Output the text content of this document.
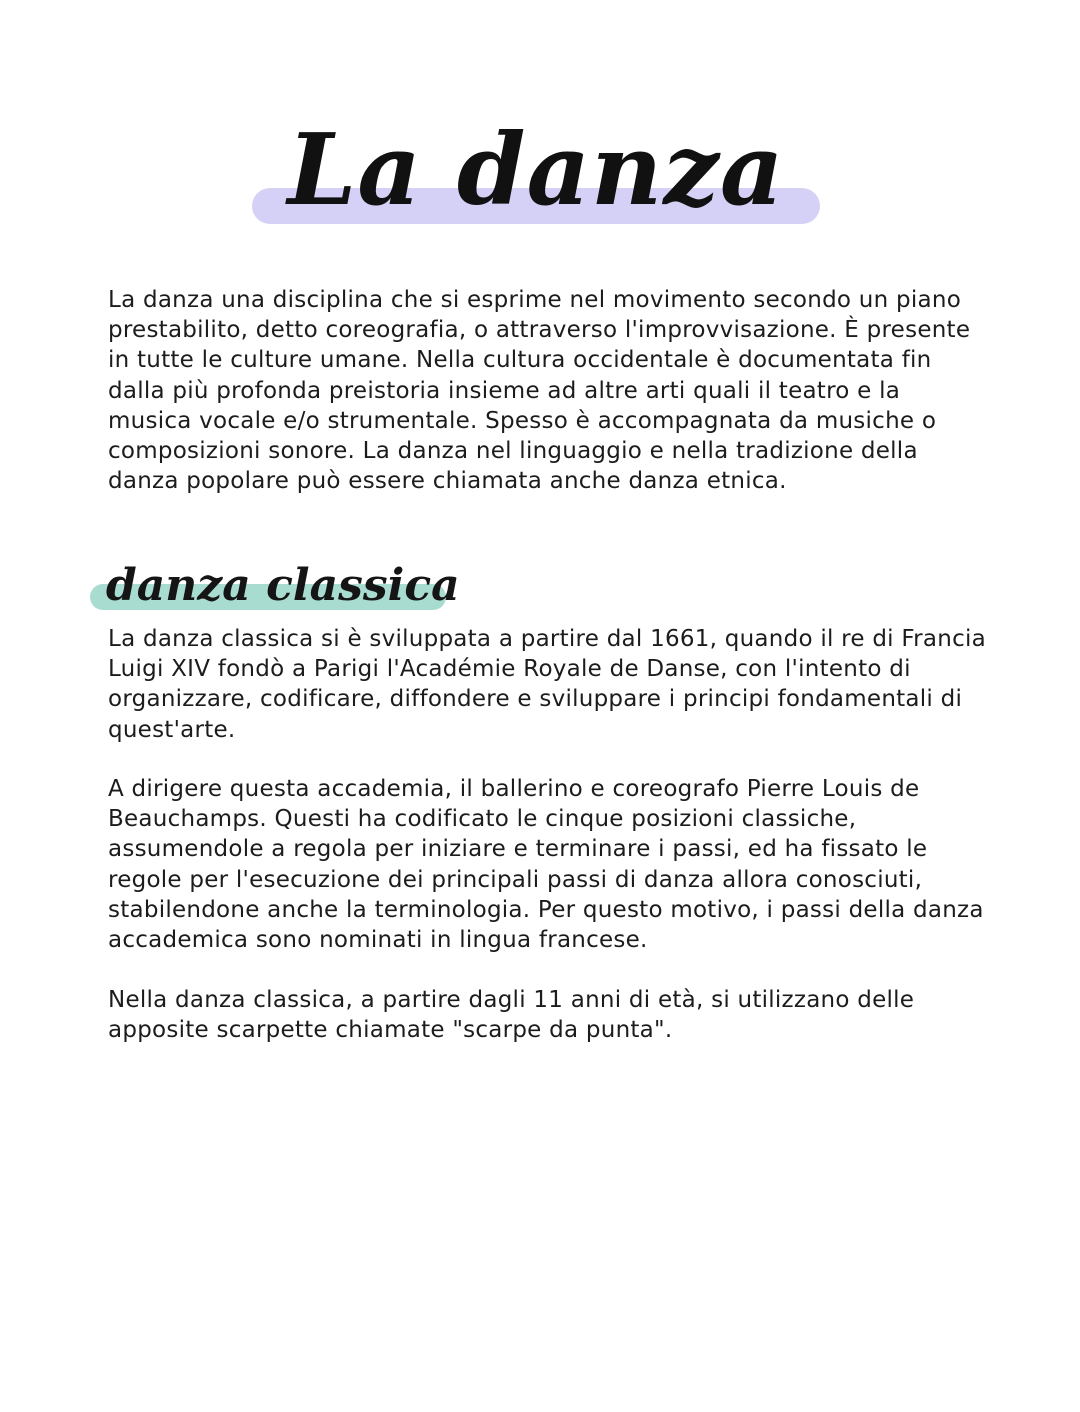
La danza

La danza una disciplina che si esprime nel movimento secondo un piano prestabilito, detto coreografia, o attraverso l'improvvisazione. È presente in tutte le culture umane. Nella cultura occidentale è documentata fin dalla più profonda preistoria insieme ad altre arti quali il teatro e la musica vocale e/o strumentale. Spesso è accompagnata da musiche o composizioni sonore. La danza nel linguaggio e nella tradizione della danza popolare può essere chiamata anche danza etnica.

danza classica

La danza classica si è sviluppata a partire dal 1661, quando il re di Francia Luigi XIV fondò a Parigi l'Académie Royale de Danse, con l'intento di organizzare, codificare, diffondere e sviluppare i principi fondamentali di quest'arte.

A dirigere questa accademia, il ballerino e coreografo Pierre Louis de Beauchamps. Questi ha codificato le cinque posizioni classiche, assumendole a regola per iniziare e terminare i passi, ed ha fissato le regole per l'esecuzione dei principali passi di danza allora conosciuti, stabilendone anche la terminologia. Per questo motivo, i passi della danza accademica sono nominati in lingua francese.

Nella danza classica, a partire dagli 11 anni di età, si utilizzano delle apposite scarpette chiamate "scarpe da punta".
